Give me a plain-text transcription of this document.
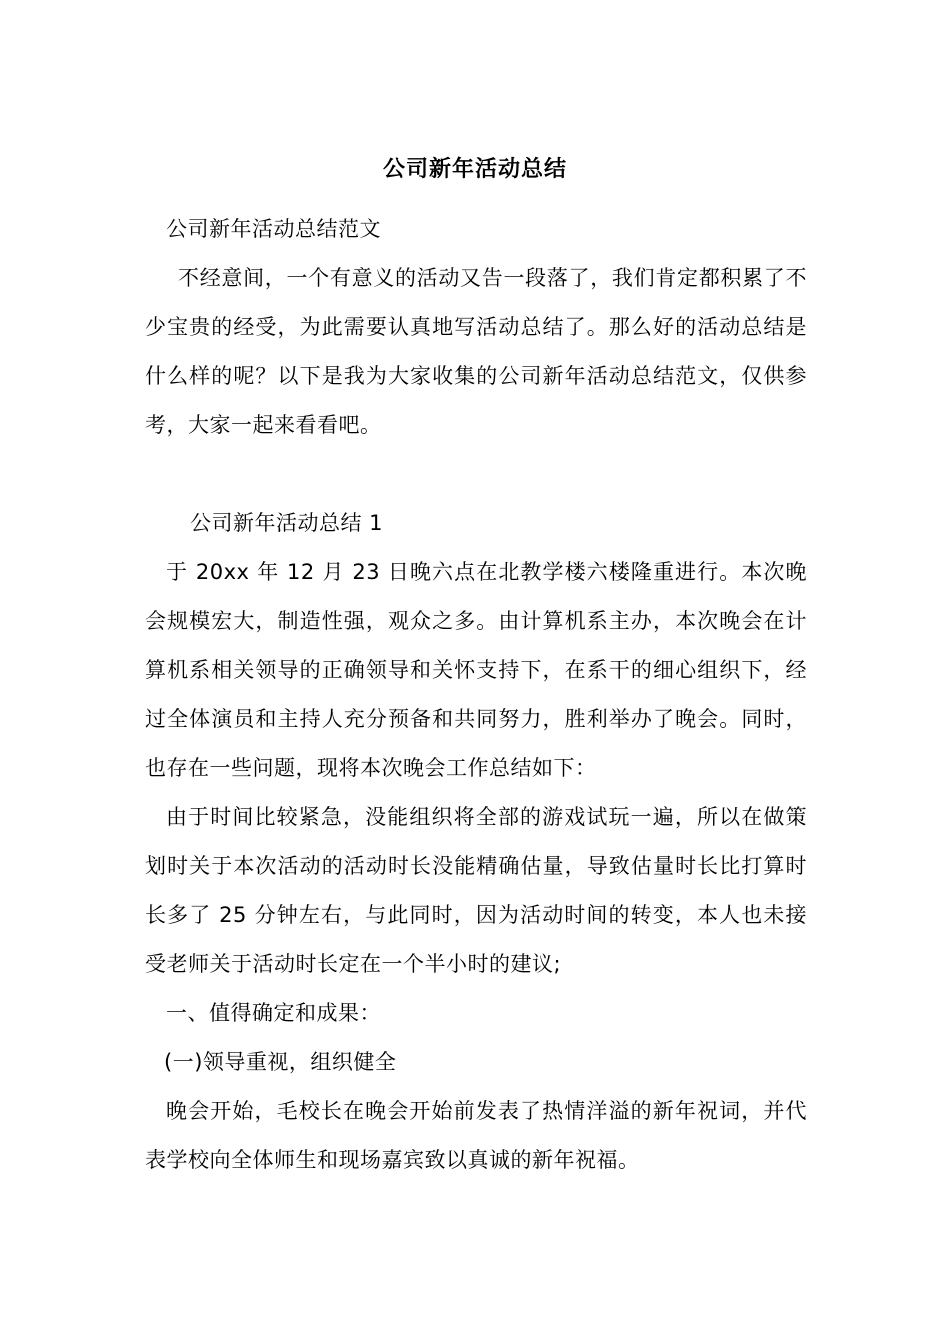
公司新年活动总结

公司新年活动总结范文

不经意间，一个有意义的活动又告一段落了，我们肯定都积累了不少宝贵的经受，为此需要认真地写活动总结了。那么好的活动总结是什么样的呢？以下是我为大家收集的公司新年活动总结范文，仅供参考，大家一起来看看吧。

公司新年活动总结 1

于 20xx 年 12 月 23 日晚六点在北教学楼六楼隆重进行。本次晚会规模宏大，制造性强，观众之多。由计算机系主办，本次晚会在计算机系相关领导的正确领导和关怀支持下，在系干的细心组织下，经过全体演员和主持人充分预备和共同努力，胜利举办了晚会。同时，也存在一些问题，现将本次晚会工作总结如下：

由于时间比较紧急，没能组织将全部的游戏试玩一遍，所以在做策划时关于本次活动的活动时长没能精确估量，导致估量时长比打算时长多了 25 分钟左右，与此同时，因为活动时间的转变，本人也未接受老师关于活动时长定在一个半小时的建议;

一、值得确定和成果：

(一)领导重视，组织健全

晚会开始，毛校长在晚会开始前发表了热情洋溢的新年祝词，并代表学校向全体师生和现场嘉宾致以真诚的新年祝福。
